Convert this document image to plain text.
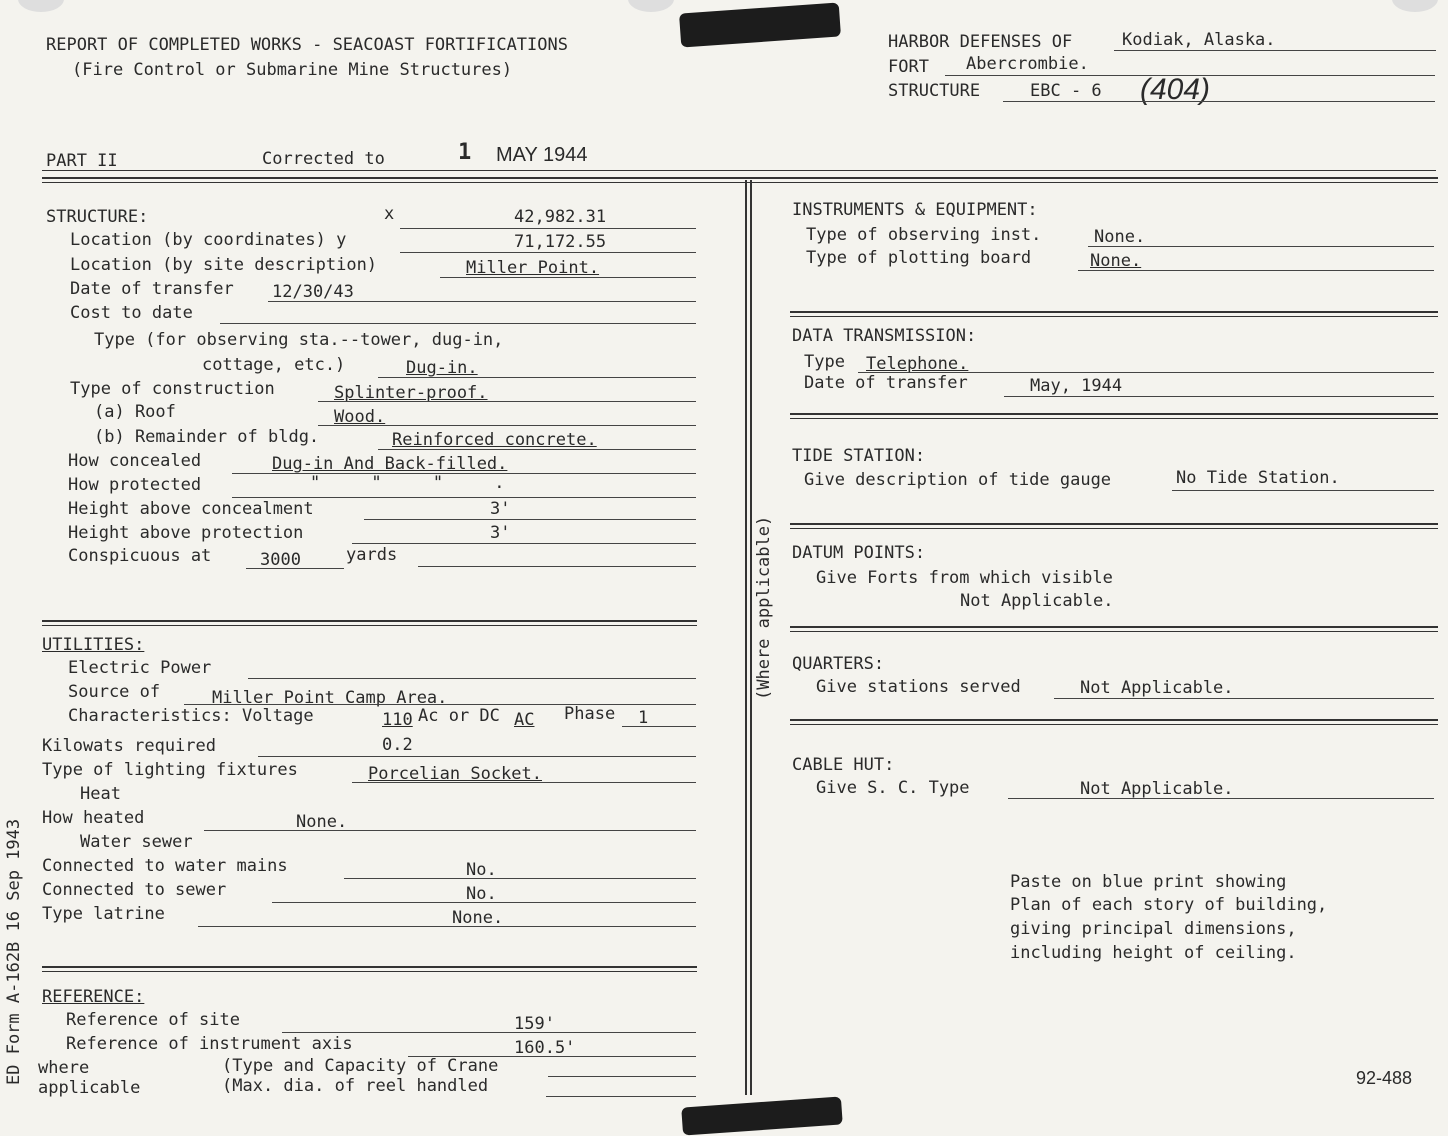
REPORT OF COMPLETED WORKS - SEACOAST FORTIFICATIONS
(Fire Control or Submarine Mine Structures)
HARBOR DEFENSES OF	Kodiak, Alaska.
FORT Abercrombie.
STRUCTURE	EBC - 6 (404)
PART II	Corrected to	1 MAY 1944
STRUCTURE:	x	42,982.31
Location (by coordinates) y	71,172.55
Location (by site description)	Miller Point.
Date of transfer 12/30/43
Cost to date
Type (for observing sta.--tower, dug-in,
cottage, etc.)	Dug-in.
Type of construction	Splinter-proof.
(a) Roof	Wood.
(b) Remainder of bldg.	Reinforced concrete.
How concealed	Dug-in And Back-filled.
How protected	"     "     "     .
Height above concealment	3'
Height above protection	3'
Conspicuous at	3000	yards
UTILITIES:
Electric Power
Source of	Miller Point Camp Area.
Characteristics: Voltage	110 Ac or DC AC Phase 1
Kilowats required	0.2
Type of lighting fixtures	Porcelian Socket.
Heat
How heated	None.
Water sewer
Connected to water mains	No.
Connected to sewer	No.
Type latrine	None.
REFERENCE:
Reference of site	159'
Reference of instrument axis	160.5'
where
applicable
(Type and Capacity of Crane
(Max. dia. of reel handled
ED Form A-162B 16 Sep 1943
(Where applicable)
INSTRUMENTS & EQUIPMENT:
Type of observing inst.	None.
Type of plotting board	None.
DATA TRANSMISSION:
Type Telephone.
Date of transfer	May, 1944
TIDE STATION:
Give description of tide gauge	No Tide Station.
DATUM POINTS:
Give Forts from which visible
Not Applicable.
QUARTERS:
Give stations served	Not Applicable.
CABLE HUT:
Give S. C. Type	Not Applicable.
Paste on blue print showing
Plan of each story of building,
giving principal dimensions,
including height of ceiling.
92-488
